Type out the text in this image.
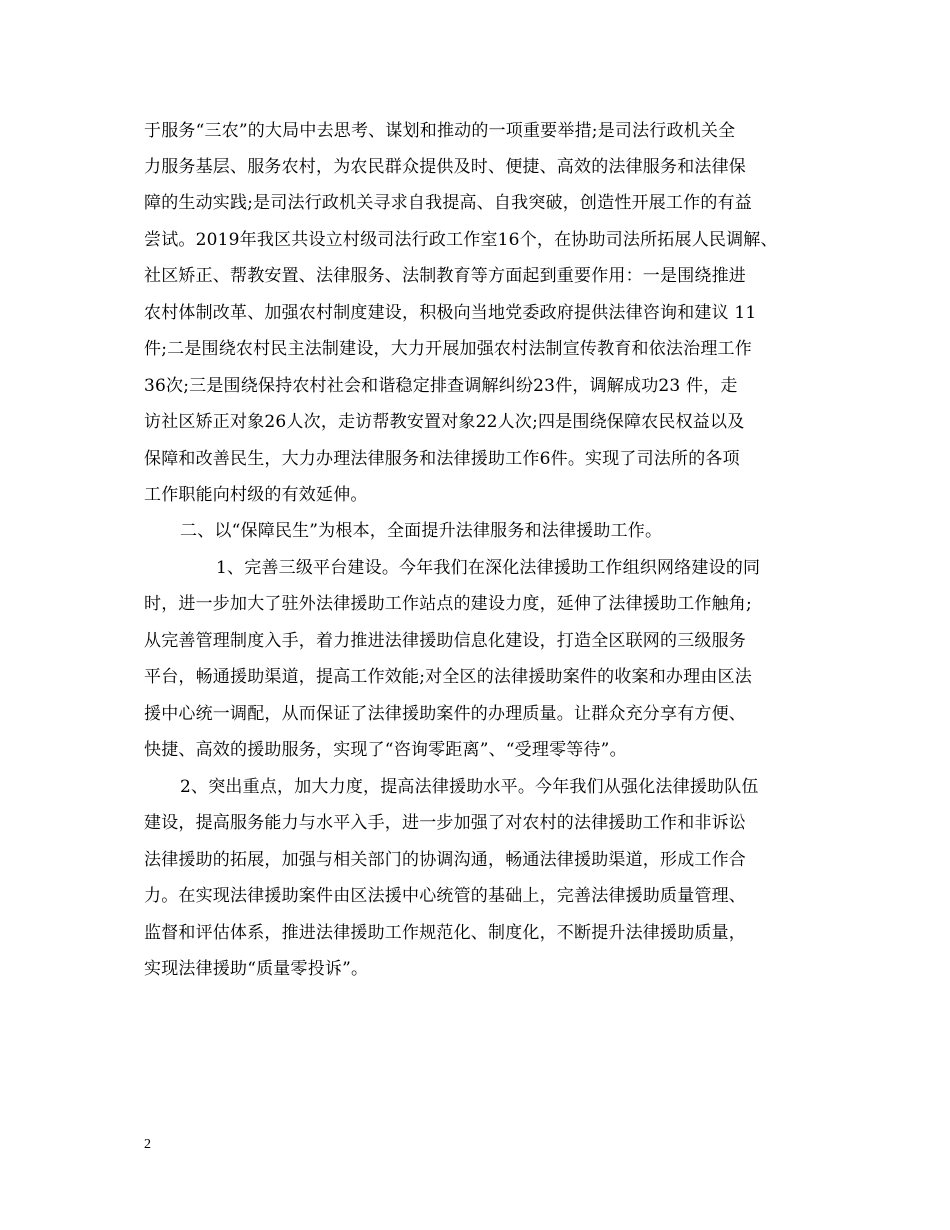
于服务“三农”的大局中去思考、谋划和推动的一项重要举措;是司法行政机关全
力服务基层、服务农村，为农民群众提供及时、便捷、高效的法律服务和法律保
障的生动实践;是司法行政机关寻求自我提高、自我突破，创造性开展工作的有益
尝试。2019年我区共设立村级司法行政工作室16个，在协助司法所拓展人民调解、
社区矫正、帮教安置、法律服务、法制教育等方面起到重要作用：一是围绕推进
农村体制改革、加强农村制度建设，积极向当地党委政府提供法律咨询和建议 11
件;二是围绕农村民主法制建设，大力开展加强农村法制宣传教育和依法治理工作
36次;三是围绕保持农村社会和谐稳定排查调解纠纷23件，调解成功23 件，走
访社区矫正对象26人次，走访帮教安置对象22人次;四是围绕保障农民权益以及
保障和改善民生，大力办理法律服务和法律援助工作6件。实现了司法所的各项
工作职能向村级的有效延伸。
二、以“保障民生”为根本，全面提升法律服务和法律援助工作。
1、完善三级平台建设。今年我们在深化法律援助工作组织网络建设的同
时，进一步加大了驻外法律援助工作站点的建设力度，延伸了法律援助工作触角;
从完善管理制度入手，着力推进法律援助信息化建设，打造全区联网的三级服务
平台，畅通援助渠道，提高工作效能;对全区的法律援助案件的收案和办理由区法
援中心统一调配，从而保证了法律援助案件的办理质量。让群众充分享有方便、
快捷、高效的援助服务，实现了“咨询零距离”、“受理零等待”。
2、突出重点，加大力度，提高法律援助水平。今年我们从强化法律援助队伍
建设，提高服务能力与水平入手，进一步加强了对农村的法律援助工作和非诉讼
法律援助的拓展，加强与相关部门的协调沟通，畅通法律援助渠道，形成工作合
力。在实现法律援助案件由区法援中心统管的基础上，完善法律援助质量管理、
监督和评估体系，推进法律援助工作规范化、制度化，不断提升法律援助质量，
实现法律援助“质量零投诉”。
2
